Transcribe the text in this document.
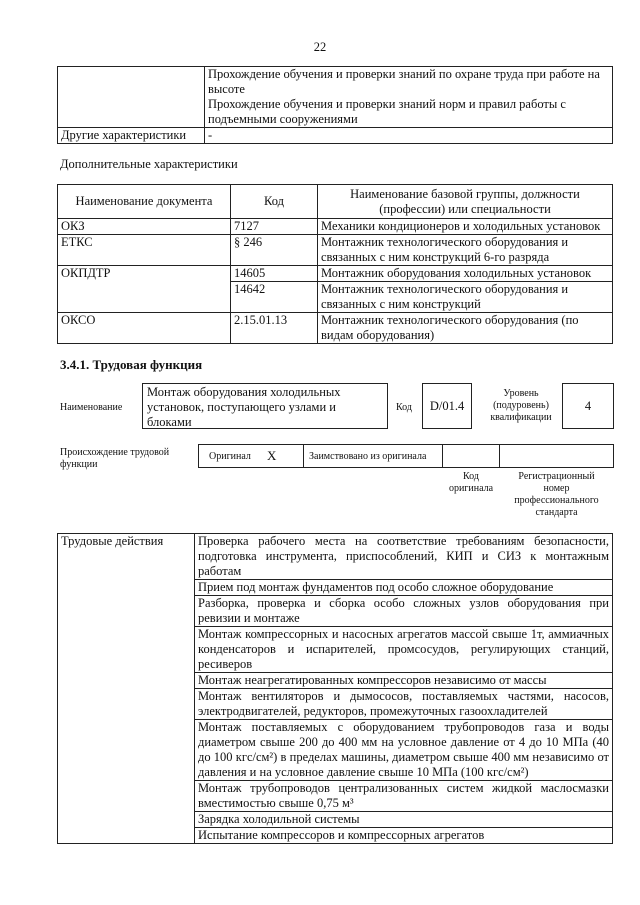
22

	Прохождение обучения и проверки знаний по охране труда при работе на высоте
Прохождение обучения и проверки знаний норм и правил работы с подъемными сооружениями

Другие характеристики	-
Дополнительные характеристики
Наименование документа	Код	Наименование базовой группы, должности (профессии) или специальности
ОКЗ	7127	Механики кондиционеров и холодильных установок
ЕТКС	§ 246	Монтажник технологического оборудования и связанных с ним конструкций 6-го разряда
ОКПДТР	14605	Монтажник оборудования холодильных установок
	14642	Монтажник технологического оборудования и связанных с ним конструкций
ОКСО	2.15.01.13	Монтажник технологического оборудования (по видам оборудования)
3.4.1. Трудовая функция
Наименование
Монтаж оборудования холодильных установок, поступающего узлами и блоками
Код	D/01.4
Уровень (подуровень) квалификации
4
Происхождение трудовой функции
Оригинал X	Заимствовано из оригинала
Код оригинала
Регистрационный номер профессионального стандарта
Трудовые действия	Проверка рабочего места на соответствие требованиям безопасности, подготовка инструмента, приспособлений, КИП и СИЗ к монтажным работам
Прием под монтаж фундаментов под особо сложное оборудование
Разборка, проверка и сборка особо сложных узлов оборудования при ревизии и монтаже
Монтаж компрессорных и насосных агрегатов массой свыше 1т, аммиачных конденсаторов и испарителей, промсосудов, регулирующих станций, ресиверов
Монтаж неагрегатированных компрессоров независимо от массы
Монтаж вентиляторов и дымососов, поставляемых частями, насосов, электродвигателей, редукторов, промежуточных газоохладителей
Монтаж поставляемых с оборудованием трубопроводов газа и воды диаметром свыше 200 до 400 мм на условное давление от 4 до 10 МПа (40 до 100 кгс/см²) в пределах машины, диаметром свыше 400 мм независимо от давления и на условное давление свыше 10 МПа (100 кгс/см²)
Монтаж трубопроводов централизованных систем жидкой маслосмазки вместимостью свыше 0,75 м³
Зарядка холодильной системы
Испытание компрессоров и компрессорных агрегатов
